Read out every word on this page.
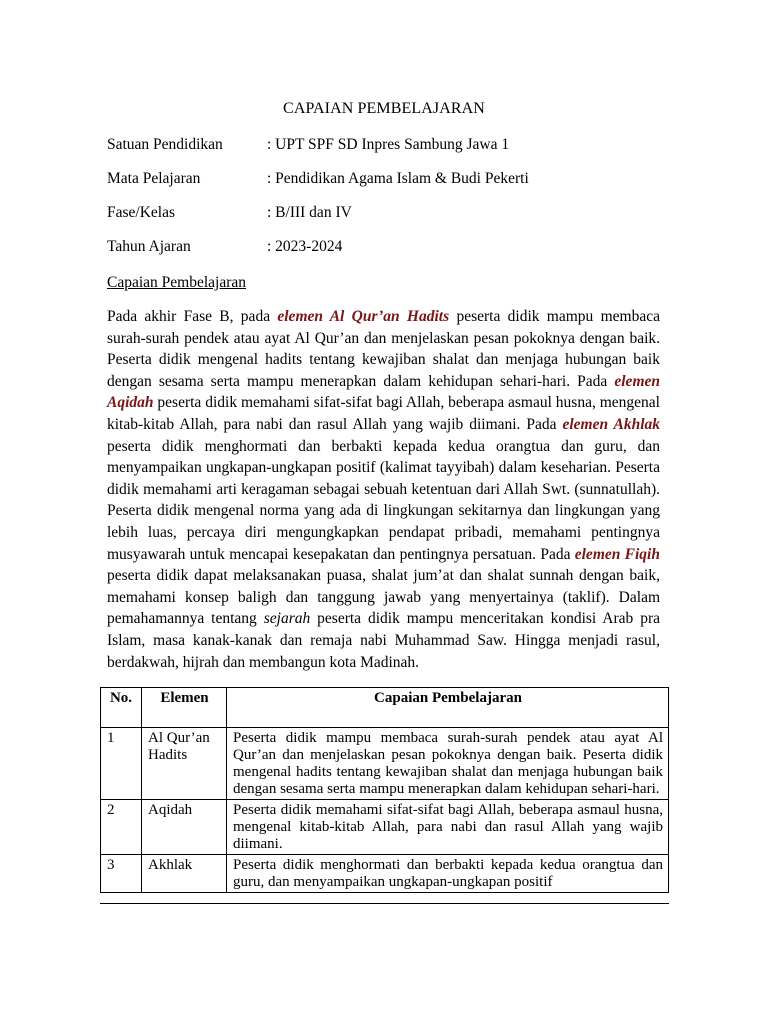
CAPAIAN PEMBELAJARAN
Satuan Pendidikan	: UPT SPF SD Inpres Sambung Jawa 1
Mata Pelajaran	: Pendidikan Agama Islam & Budi Pekerti
Fase/Kelas	: B/III dan IV
Tahun Ajaran	: 2023-2024
Capaian Pembelajaran

Pada akhir Fase B, pada elemen Al Qur’an Hadits peserta didik mampu membaca surah-surah pendek atau ayat Al Qur’an dan menjelaskan pesan pokoknya dengan baik. Peserta didik mengenal hadits tentang kewajiban shalat dan menjaga hubungan baik dengan sesama serta mampu menerapkan dalam kehidupan sehari-hari. Pada elemen Aqidah peserta didik memahami sifat-sifat bagi Allah, beberapa asmaul husna, mengenal kitab-kitab Allah, para nabi dan rasul Allah yang wajib diimani. Pada elemen Akhlak peserta didik menghormati dan berbakti kepada kedua orangtua dan guru, dan menyampaikan ungkapan-ungkapan positif (kalimat tayyibah) dalam keseharian. Peserta didik memahami arti keragaman sebagai sebuah ketentuan dari Allah Swt. (sunnatullah). Peserta didik mengenal norma yang ada di lingkungan sekitarnya dan lingkungan yang lebih luas, percaya diri mengungkapkan pendapat pribadi, memahami pentingnya musyawarah untuk mencapai kesepakatan dan pentingnya persatuan. Pada elemen Fiqih peserta didik dapat melaksanakan puasa, shalat jum’at dan shalat sunnah dengan baik, memahami konsep baligh dan tanggung jawab yang menyertainya (taklif). Dalam pemahamannya tentang sejarah peserta didik mampu menceritakan kondisi Arab pra Islam, masa kanak-kanak dan remaja nabi Muhammad Saw. Hingga menjadi rasul, berdakwah, hijrah dan membangun kota Madinah.

No.	Elemen	Capaian Pembelajaran
1	Al Qur’an Hadits	Peserta didik mampu membaca surah-surah pendek atau ayat Al Qur’an dan menjelaskan pesan pokoknya dengan baik. Peserta didik mengenal hadits tentang kewajiban shalat dan menjaga hubungan baik dengan sesama serta mampu menerapkan dalam kehidupan sehari-hari.
2	Aqidah	Peserta didik memahami sifat-sifat bagi Allah, beberapa asmaul husna, mengenal kitab-kitab Allah, para nabi dan rasul Allah yang wajib diimani.
3	Akhlak	Peserta didik menghormati dan berbakti kepada kedua orangtua dan guru, dan menyampaikan ungkapan-ungkapan positif
